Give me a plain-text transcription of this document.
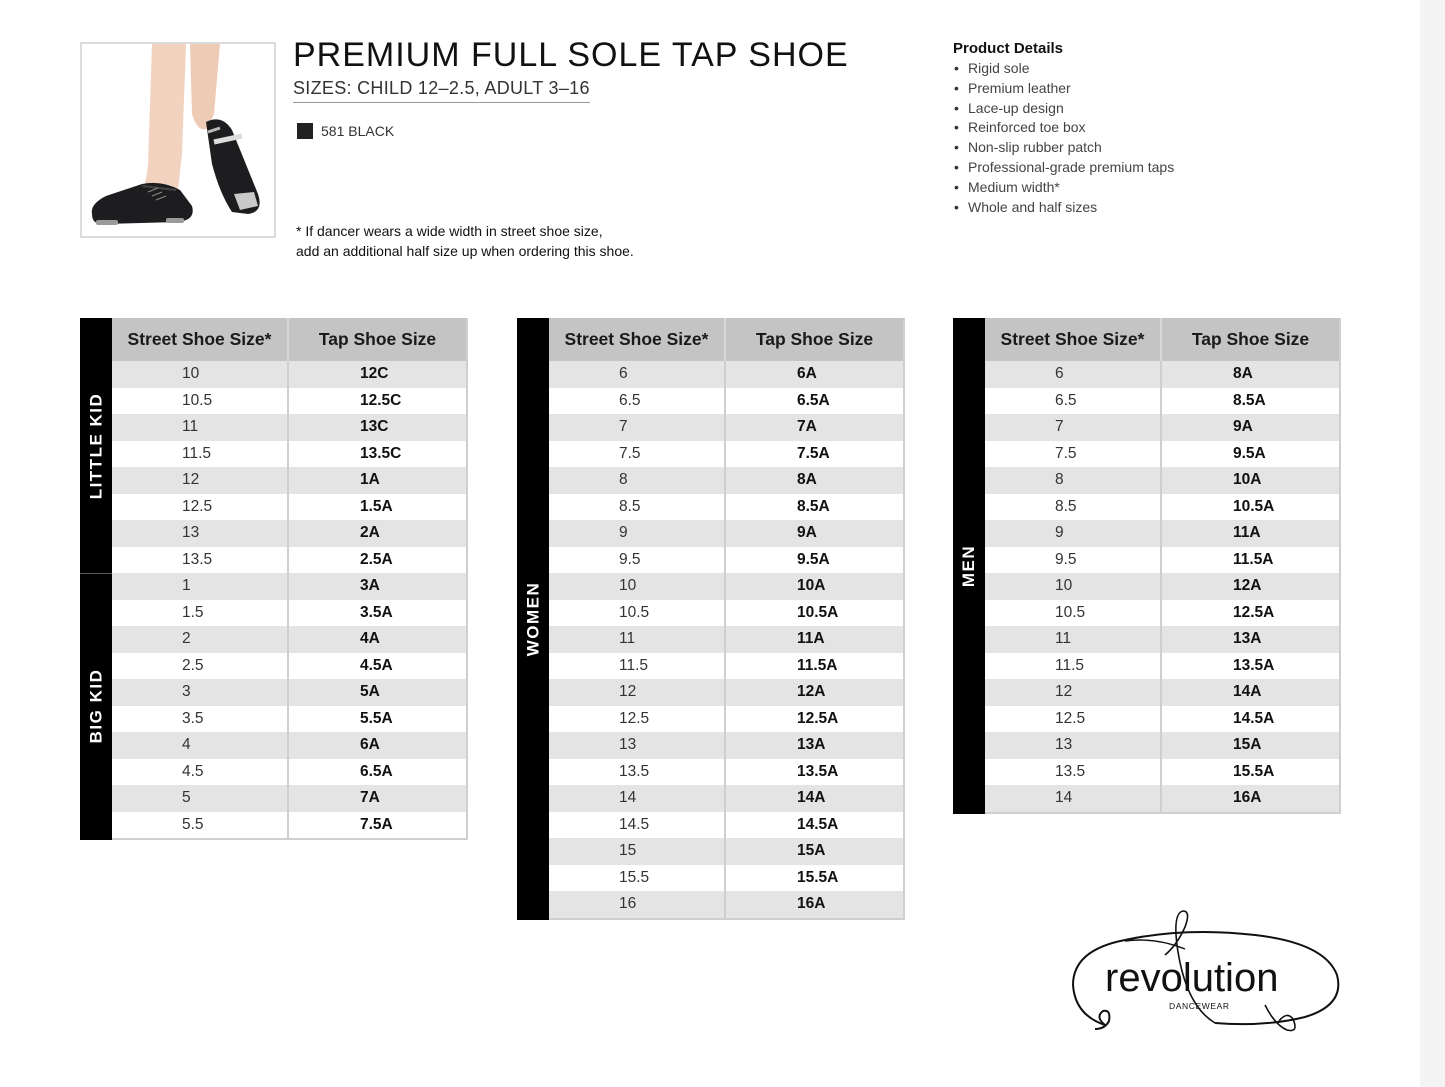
PREMIUM FULL SOLE TAP SHOE
SIZES: CHILD 12–2.5, ADULT 3–16
581 BLACK
* If dancer wears a wide width in street shoe size,
add an additional half size up when ordering this shoe.
Product Details
• Rigid sole
• Premium leather
• Lace-up design
• Reinforced toe box
• Non-slip rubber patch
• Professional-grade premium taps
• Medium width*
• Whole and half sizes
LITTLE KID
BIG KID
Street Shoe Size*	Tap Shoe Size
10	12C
10.5	12.5C
11	13C
11.5	13.5C
12	1A
12.5	1.5A
13	2A
13.5	2.5A
1	3A
1.5	3.5A
2	4A
2.5	4.5A
3	5A
3.5	5.5A
4	6A
4.5	6.5A
5	7A
5.5	7.5A
WOMEN
Street Shoe Size*	Tap Shoe Size
6	6A
6.5	6.5A
7	7A
7.5	7.5A
8	8A
8.5	8.5A
9	9A
9.5	9.5A
10	10A
10.5	10.5A
11	11A
11.5	11.5A
12	12A
12.5	12.5A
13	13A
13.5	13.5A
14	14A
14.5	14.5A
15	15A
15.5	15.5A
16	16A
MEN
Street Shoe Size*	Tap Shoe Size
6	8A
6.5	8.5A
7	9A
7.5	9.5A
8	10A
8.5	10.5A
9	11A
9.5	11.5A
10	12A
10.5	12.5A
11	13A
11.5	13.5A
12	14A
12.5	14.5A
13	15A
13.5	15.5A
14	16A
revolution
DANCEWEAR
